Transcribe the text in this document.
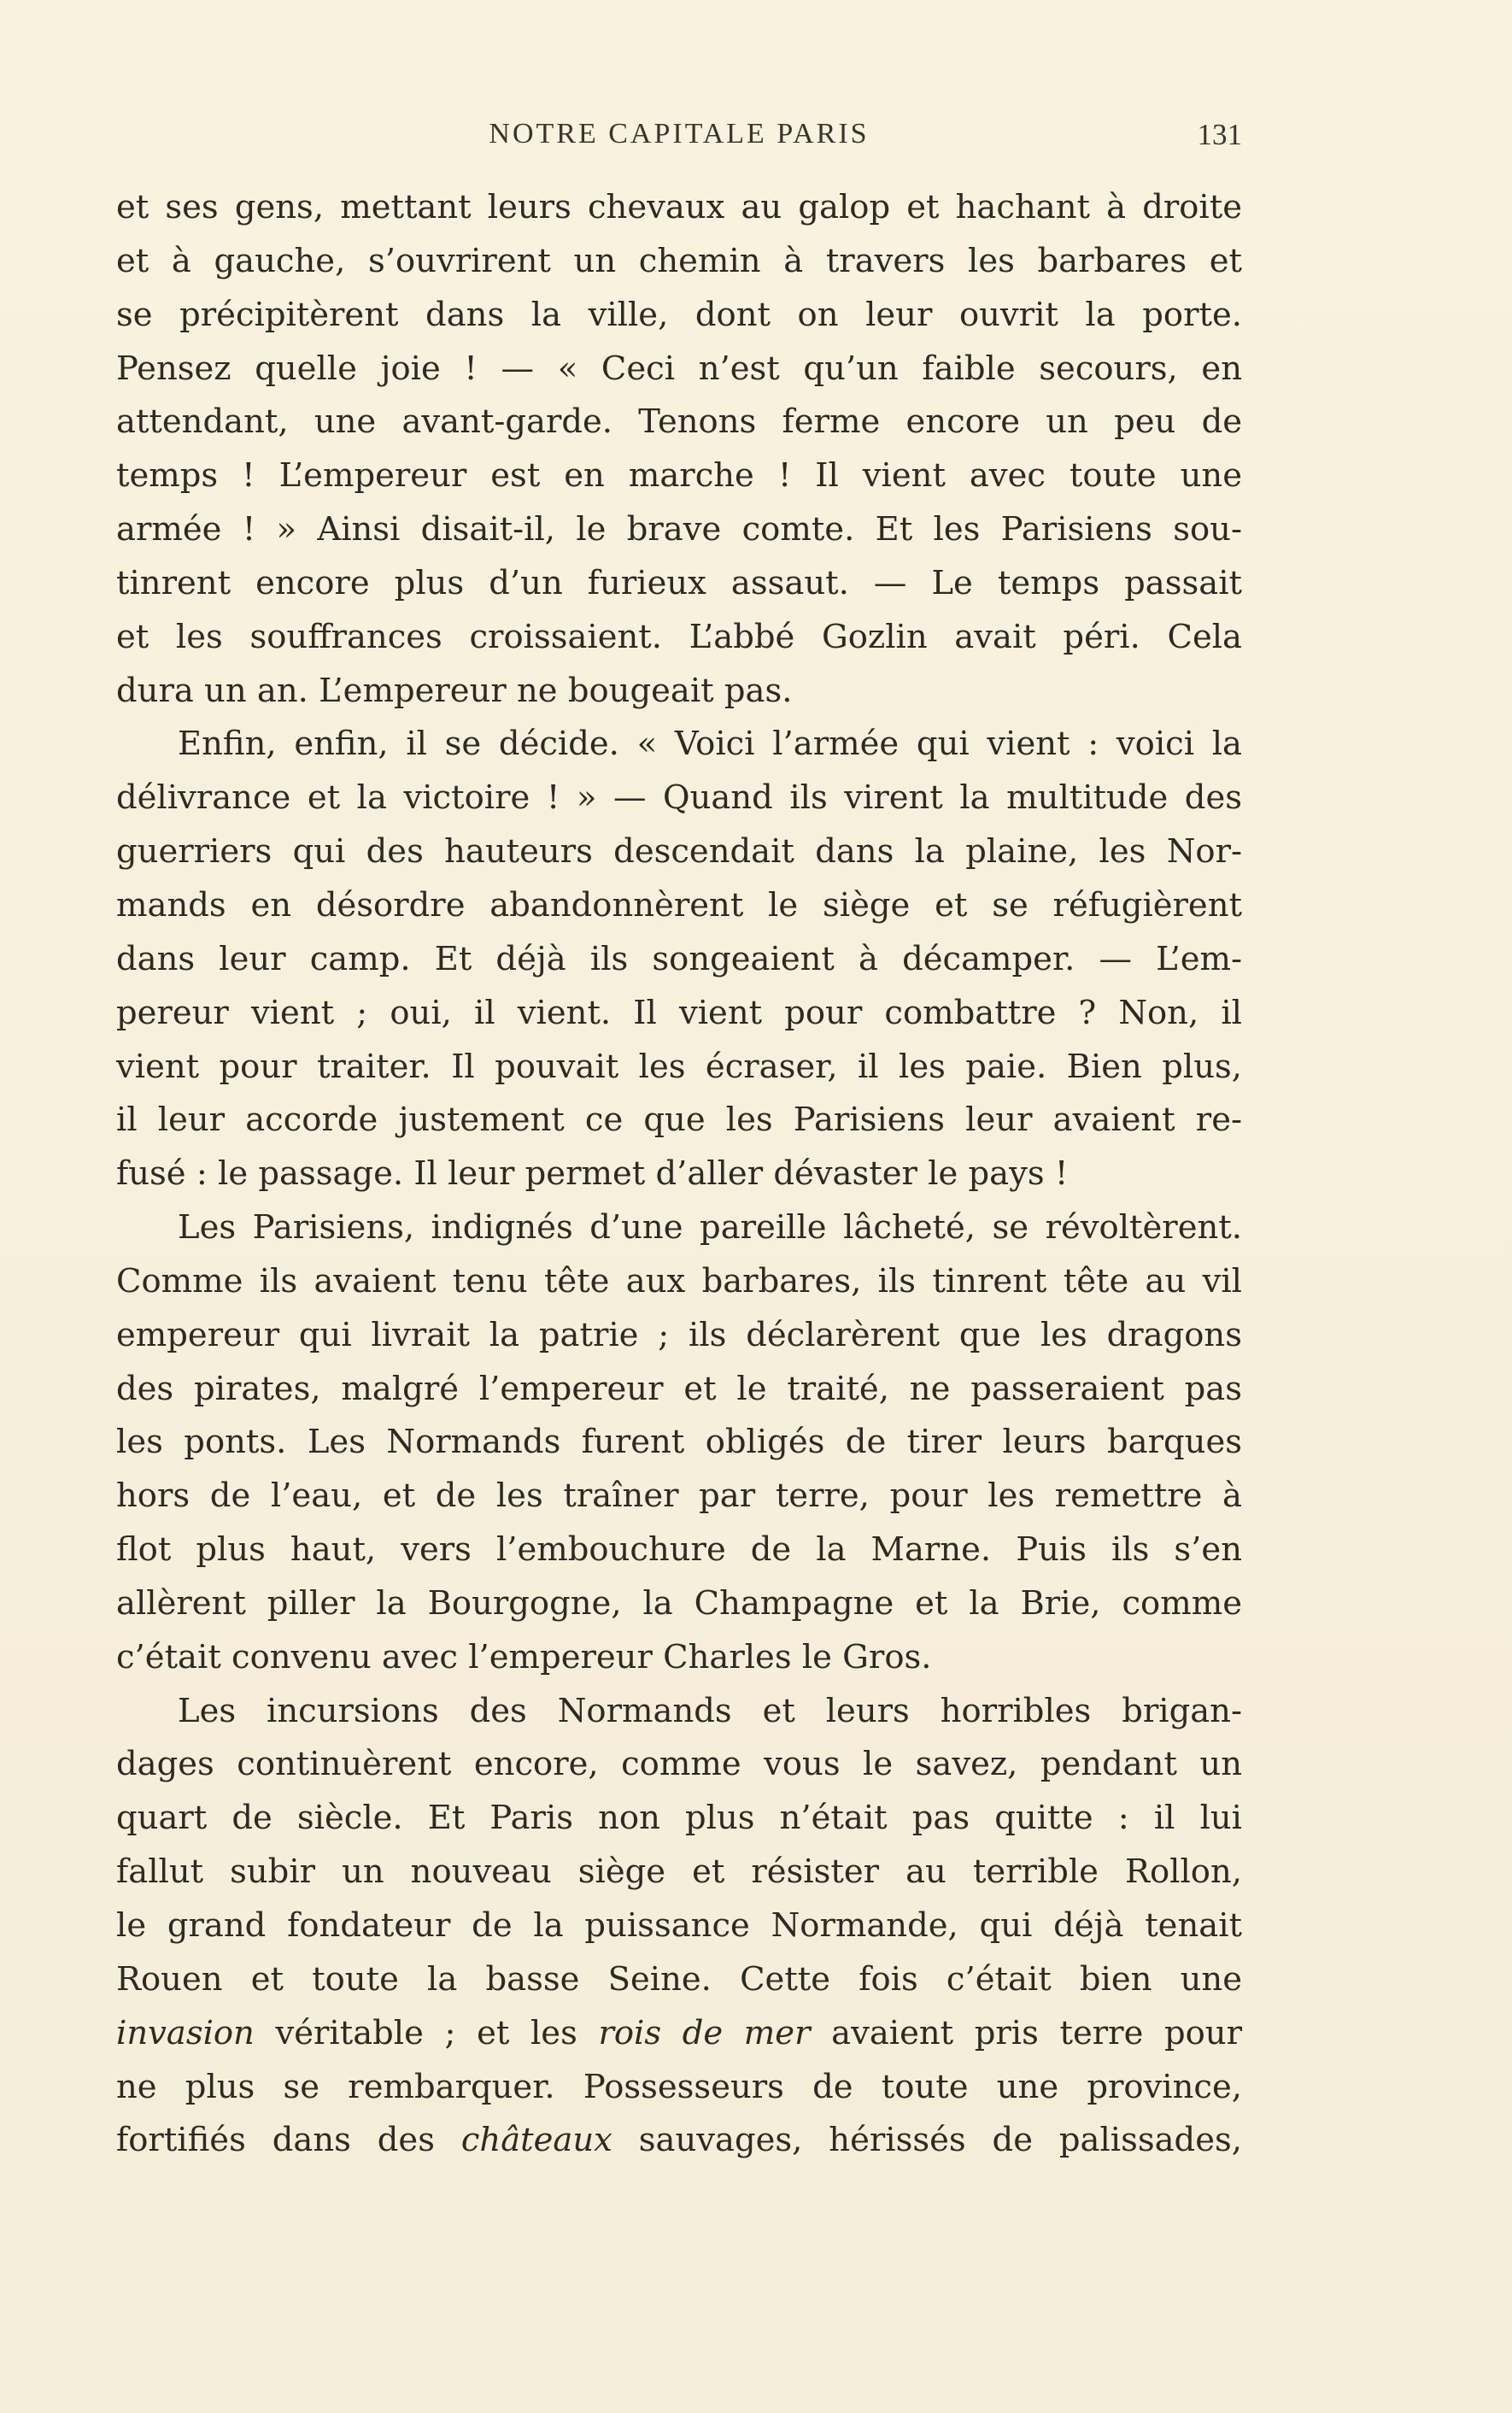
NOTRE CAPITALE PARIS	131
et ses gens, mettant leurs chevaux au galop et hachant à droite
et à gauche, s’ouvrirent un chemin à travers les barbares et
se précipitèrent dans la ville, dont on leur ouvrit la porte.
Pensez quelle joie ! — « Ceci n’est qu’un faible secours, en
attendant, une avant-garde. Tenons ferme encore un peu de
temps ! L’empereur est en marche ! Il vient avec toute une
armée ! » Ainsi disait-il, le brave comte. Et les Parisiens sou-
tinrent encore plus d’un furieux assaut. — Le temps passait
et les souffrances croissaient. L’abbé Gozlin avait péri. Cela
dura un an. L’empereur ne bougeait pas.
Enfin, enfin, il se décide. « Voici l’armée qui vient : voici la
délivrance et la victoire ! » — Quand ils virent la multitude des
guerriers qui des hauteurs descendait dans la plaine, les Nor-
mands en désordre abandonnèrent le siège et se réfugièrent
dans leur camp. Et déjà ils songeaient à décamper. — L’em-
pereur vient ; oui, il vient. Il vient pour combattre ? Non, il
vient pour traiter. Il pouvait les écraser, il les paie. Bien plus,
il leur accorde justement ce que les Parisiens leur avaient re-
fusé : le passage. Il leur permet d’aller dévaster le pays !
Les Parisiens, indignés d’une pareille lâcheté, se révoltèrent.
Comme ils avaient tenu tête aux barbares, ils tinrent tête au vil
empereur qui livrait la patrie ; ils déclarèrent que les dragons
des pirates, malgré l’empereur et le traité, ne passeraient pas
les ponts. Les Normands furent obligés de tirer leurs barques
hors de l’eau, et de les traîner par terre, pour les remettre à
flot plus haut, vers l’embouchure de la Marne. Puis ils s’en
allèrent piller la Bourgogne, la Champagne et la Brie, comme
c’était convenu avec l’empereur Charles le Gros.
Les incursions des Normands et leurs horribles brigan-
dages continuèrent encore, comme vous le savez, pendant un
quart de siècle. Et Paris non plus n’était pas quitte : il lui
fallut subir un nouveau siège et résister au terrible Rollon,
le grand fondateur de la puissance Normande, qui déjà tenait
Rouen et toute la basse Seine. Cette fois c’était bien une
invasion véritable ; et les rois de mer avaient pris terre pour
ne plus se rembarquer. Possesseurs de toute une province,
fortifiés dans des châteaux sauvages, hérissés de palissades,
